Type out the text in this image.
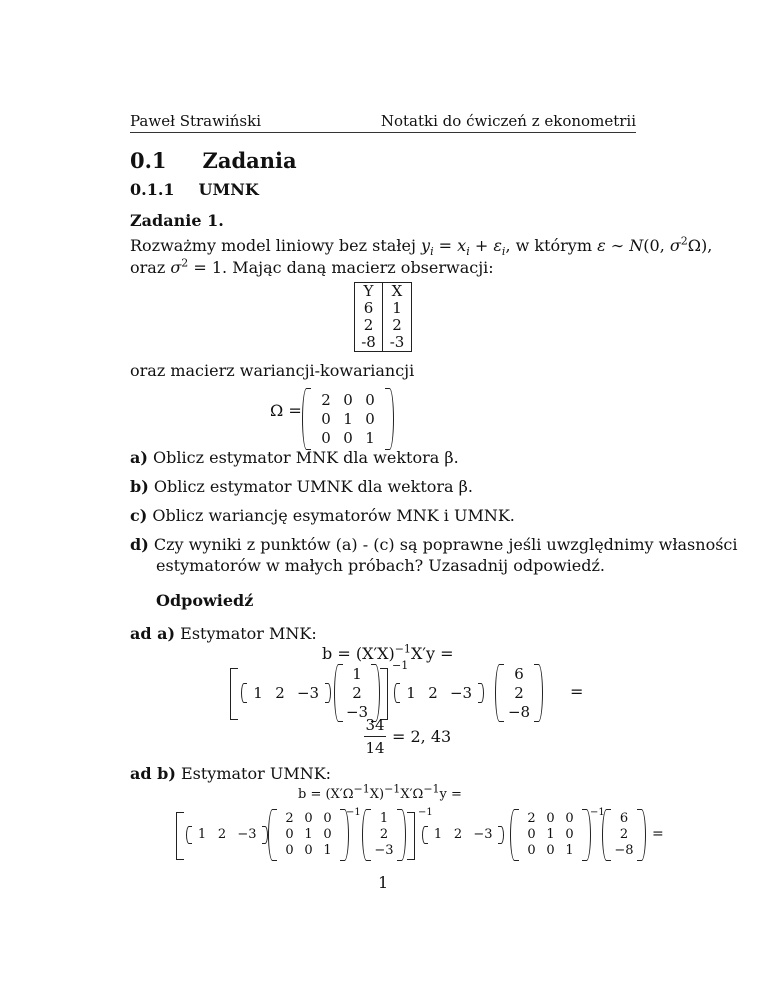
Paweł Strawiński	Notatki do ćwiczeń z ekonometrii
0.1 Zadania
0.1.1 UMNK
Zadanie 1.
Rozważmy model liniowy bez stałej $y_i = x_i + \varepsilon_i$, w którym ε ∼ N(0, $\sigma^2\Omega$),
oraz $\sigma^2 = 1$. Mając daną macierz obserwacji:
Y	X
6	1
2	2
-8 -3
oraz macierz wariancji-kowariancji
Ω =
2 0 0
0 1 0
0 0 1
a) Oblicz estymator MNK dla wektora β.
b) Oblicz estymator UMNK dla wektora β.
c) Oblicz wariancję esymatorów MNK i UMNK.
d) Czy wyniki z punktów (a) - (c) są poprawne jeśli uwzględnimy własności
estymatorów w małych próbach? Uzasadnij odpowiedź.
Odpowiedź
ad a) Estymator MNK:
$b = (X'X)^{-1}X'y$ =
1 2 −3
1
2
−3
−1
1 2 −3
6
2
−8
=
34
14
= 2, 43
ad b) Estymator UMNK:
$b = (X'\Omega^{-1}X)^{-1}X'\Omega^{-1}y$ =
1 2 −3
2 0 0
0 1 0
0 0 1
−1	1
2
−3
−1
1 2 −3
2 0 0
0 1 0
0 0 1
−1	6
2
−8
=
1
